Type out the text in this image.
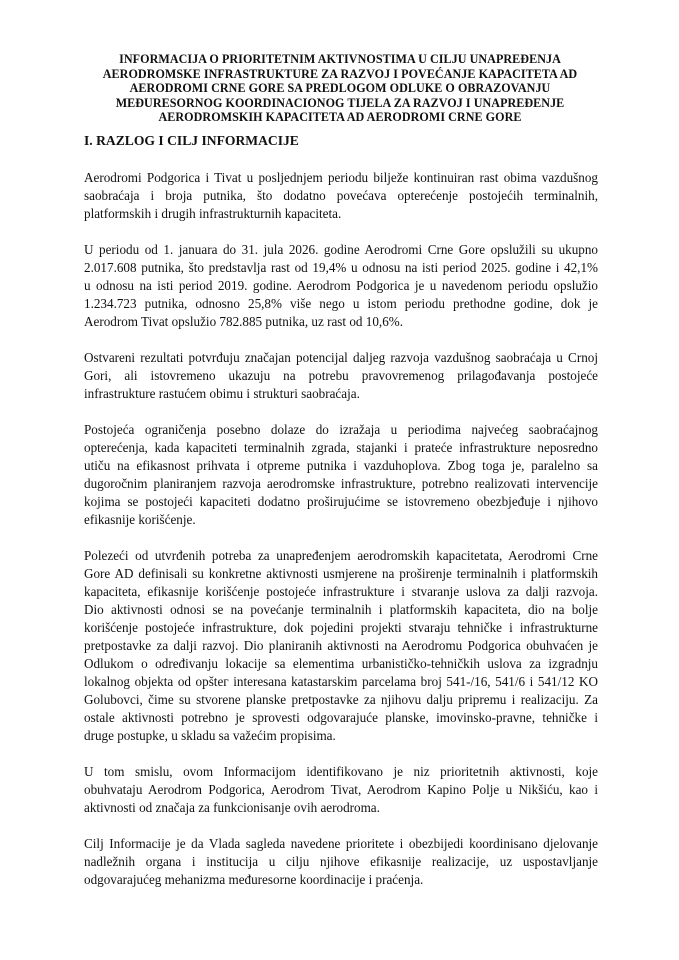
INFORMACIJA O PRIORITETNIM AKTIVNOSTIMA U CILJU UNAPREĐENJA
AERODROMSKE INFRASTRUKTURE ZA RAZVOJ I POVEĆANJE KAPACITETA AD
AERODROMI CRNE GORE SA PREDLOGOM ODLUKE O OBRAZOVANJU
MEĐURESORNOG KOORDINACIONOG TIJELA ZA RAZVOJ I UNAPREĐENJE
AERODROMSKIH KAPACITETA AD AERODROMI CRNE GORE
I. RAZLOG I CILJ INFORMACIJE

Aerodromi Podgorica i Tivat u posljednjem periodu bilježe kontinuiran rast obima vazdušnog
saobraćaja i broja putnika, što dodatno povećava opterećenje postojećih terminalnih,
platformskih i drugih infrastrukturnih kapaciteta.

U periodu od 1. januara do 31. jula 2026. godine Aerodromi Crne Gore opslužili su ukupno
2.017.608 putnika, što predstavlja rast od 19,4% u odnosu na isti period 2025. godine i 42,1%
u odnosu na isti period 2019. godine. Aerodrom Podgorica je u navedenom periodu opslužio
1.234.723 putnika, odnosno 25,8% više nego u istom periodu prethodne godine, dok je
Aerodrom Tivat opslužio 782.885 putnika, uz rast od 10,6%.

Ostvareni rezultati potvrđuju značajan potencijal daljeg razvoja vazdušnog saobraćaja u Crnoj
Gori, ali istovremeno ukazuju na potrebu pravovremenog prilagođavanja postojeće
infrastrukture rastućem obimu i strukturi saobraćaja.

Postojeća ograničenja posebno dolaze do izražaja u periodima najvećeg saobraćajnog
opterećenja, kada kapaciteti terminalnih zgrada, stajanki i prateće infrastrukture neposredno
utiču na efikasnost prihvata i otpreme putnika i vazduhoplova. Zbog toga je, paralelno sa
dugoročnim planiranjem razvoja aerodromske infrastrukture, potrebno realizovati intervencije
kojima se postojeći kapaciteti dodatno proširujućime se istovremeno obezbjeđuje i njihovo
efikasnije korišćenje.

Polezeći od utvrđenih potreba za unapređenjem aerodromskih kapacitetata, Aerodromi Crne
Gore AD definisali su konkretne aktivnosti usmjerene na proširenje terminalnih i platformskih
kapaciteta, efikasnije korišćenje postojeće infrastrukture i stvaranje uslova za dalji razvoja.
Dio aktivnosti odnosi se na povećanje terminalnih i platformskih kapaciteta, dio na bolje
korišćenje postojeće infrastrukture, dok pojedini projekti stvaraju tehničke i infrastrukturne
pretpostavke za dalji razvoj. Dio planiranih aktivnosti na Aerodromu Podgorica obuhvaćen je
Odlukom o određivanju lokacije sa elementima urbanističko-tehničkih uslova za izgradnju
lokalnog objekta od opštег interesana katastarskim parcelama broj 541-/16, 541/6 i 541/12 KO
Golubovci, čime su stvorene planske pretpostavke za njihovu dalju pripremu i realizaciju. Za
ostale aktivnosti potrebno je sprovesti odgovarajuće planske, imovinsko-pravne, tehničke i
druge postupke, u skladu sa važećim propisima.

U tom smislu, ovom Informacijom identifikovano je niz prioritetnih aktivnosti, koje
obuhvataju Aerodrom Podgorica, Aerodrom Tivat, Aerodrom Kapino Polje u Nikšiću, kao i
aktivnosti od značaja za funkcionisanje ovih aerodroma.

Cilj Informacije je da Vlada sagleda navedene prioritete i obezbijedi koordinisano djelovanje
nadležnih organa i institucija u cilju njihove efikasnije realizacije, uz uspostavljanje
odgovarajućeg mehanizma međuresorne koordinacije i praćenja.
